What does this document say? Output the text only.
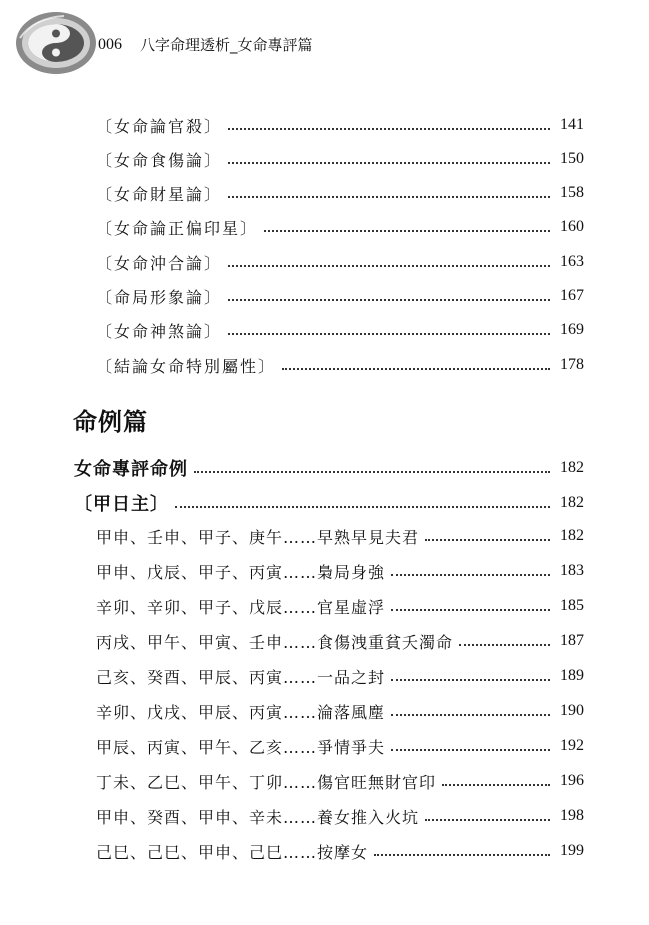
006 八字命理透析_女命專評篇
〔女命論官殺〕	141
〔女命食傷論〕	150
〔女命財星論〕	158
〔女命論正偏印星〕	160
〔女命沖合論〕	163
〔命局形象論〕	167
〔女命神煞論〕	169
〔結論女命特別屬性〕	178
命例篇
女命專評命例	182
〔甲日主〕	182
甲申、壬申、甲子、庚午……早熟早見夫君	182
甲申、戊辰、甲子、丙寅……梟局身強	183
辛卯、辛卯、甲子、戊辰……官星虛浮	185
丙戌、甲午、甲寅、壬申……食傷洩重貧夭濁命	187
己亥、癸酉、甲辰、丙寅……一品之封	189
辛卯、戊戌、甲辰、丙寅……淪落風塵	190
甲辰、丙寅、甲午、乙亥……爭情爭夫	192
丁未、乙巳、甲午、丁卯……傷官旺無財官印	196
甲申、癸酉、甲申、辛未……養女推入火坑	198
己巳、己巳、甲申、己巳……按摩女	199
